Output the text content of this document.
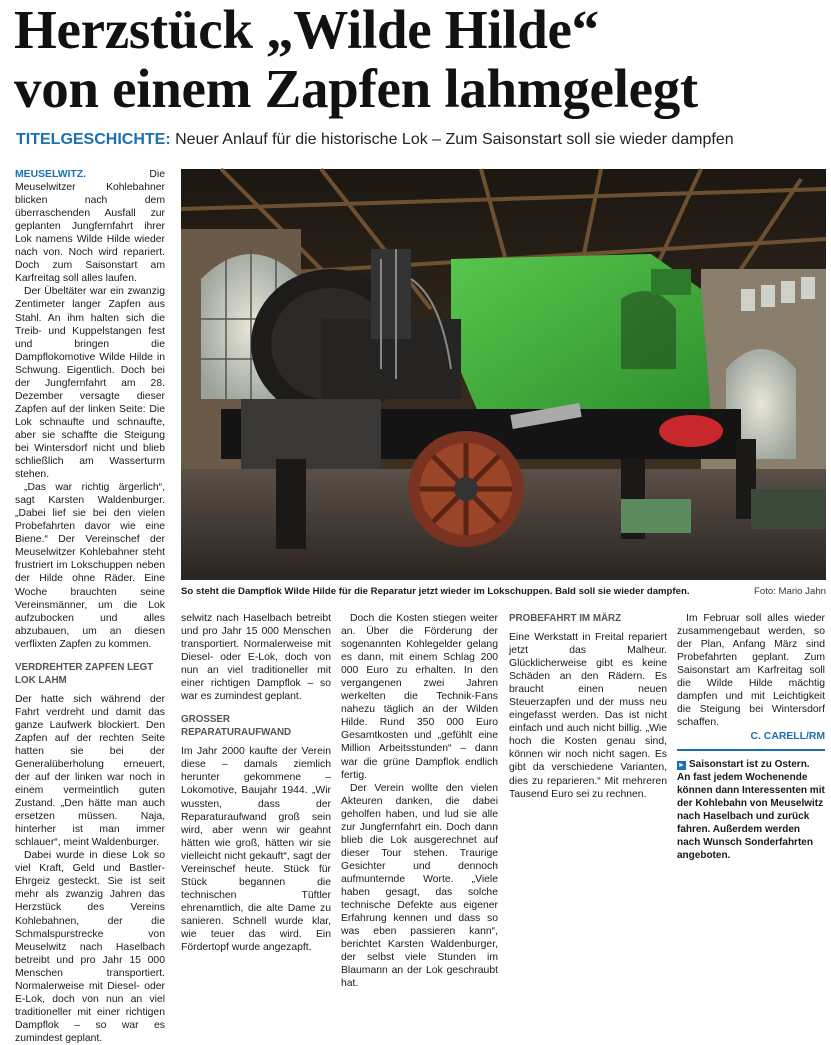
Herzstück „Wilde Hilde“
von einem Zapfen lahmgelegt
TITELGESCHICHTE: Neuer Anlauf für die historische Lok – Zum Saisonstart soll sie wieder dampfen

MEUSELWITZ.	Die Meuselwitzer Kohlebahner blicken nach dem überraschenden Ausfall zur geplanten Jungfernfahrt ihrer Lok namens Wilde Hilde wieder nach von. Noch wird repariert. Doch zum Saisonstart am Karfreitag soll alles laufen.

Der Übeltäter war ein zwanzig Zentimeter langer Zapfen aus Stahl. An ihm halten sich die Treib- und Kuppelstangen fest und bringen die Dampflokomotive Wilde Hilde in Schwung. Eigentlich. Doch bei der Jungfernfahrt am 28. Dezember versagte dieser Zapfen auf der linken Seite: Die Lok schnaufte und schnaufte, aber sie schaffte die Steigung bei Wintersdorf nicht und blieb schließlich am Wasserturm stehen.

„Das war richtig ärgerlich“, sagt Karsten Waldenburger. „Dabei lief sie bei den vielen Probefahrten davor wie eine Biene.“ Der Vereinschef der Meuselwitzer Kohlebahner steht frustriert im Lokschuppen neben der Hilde ohne Räder. Eine Woche brauchten seine Vereinsmänner, um die Lok aufzubocken und alles abzubauen, um an diesen verflixten Zapfen zu kommen.

VERDREHTER ZAPFEN LEGT LOK LAHM

Der hatte sich während der Fahrt verdreht und damit das ganze Laufwerk blockiert. Den Zapfen auf der rechten Seite hatten sie bei der Generalüberholung erneuert, der auf der linken war noch in einem vermeintlich guten Zustand. „Den hätte man auch ersetzen müssen. Naja, hinterher ist man immer schlauer“, meint Waldenburger.

Dabei wurde in diese Lok so viel Kraft, Geld und Bastler-Ehrgeiz gesteckt. Sie ist seit mehr als zwanzig Jahren das Herzstück des Vereins Kohlebahnen, der die Schmalspurstrecke von Meuselwitz nach Haselbach betreibt und pro Jahr 15 000 Menschen transportiert. Normalerweise mit Diesel- oder E-Lok, doch von nun an viel traditioneller mit einer richtigen Dampflok – so war es zumindest geplant.

So steht die Dampflok Wilde Hilde für die Reparatur jetzt wieder im Lokschuppen. Bald soll sie wieder dampfen.	Foto: Mario Jahn

selwitz nach Haselbach betreibt und pro Jahr 15 000 Menschen transportiert. Normalerweise mit Diesel- oder E-Lok, doch von nun an viel traditioneller mit einer richtigen Dampflok – so war es zumindest geplant.

GROSSER REPARATURAUFWAND

Im Jahr 2000 kaufte der Verein diese – damals ziemlich herunter gekommene – Lokomotive, Baujahr 1944. „Wir wussten, dass der Reparaturaufwand groß sein wird, aber wenn wir geahnt hätten wie groß, hätten wir sie vielleicht nicht gekauft“, sagt der Vereinschef heute. Stück für Stück begannen die technischen Tüftler ehrenamtlich, die alte Dame zu sanieren. Schnell wurde klar, wie teuer das wird. Ein Fördertopf wurde angezapft.

Doch die Kosten stiegen weiter an. Über die Förderung der sogenannten Kohlegelder gelang es dann, mit einem Schlag 200 000 Euro zu erhalten. In den vergangenen zwei Jahren werkelten die Technik-Fans nahezu täglich an der Wilden Hilde. Rund 350 000 Euro Gesamtkosten und „gefühlt eine Million Arbeitsstunden“ – dann war die grüne Dampflok endlich fertig.

Der Verein wollte den vielen Akteuren danken, die dabei geholfen haben, und lud sie alle zur Jungfernfahrt ein. Doch dann blieb die Lok ausgerechnet auf dieser Tour stehen. Traurige Gesichter und dennoch aufmunternde Worte. „Viele haben gesagt, das solche technische Defekte aus eigener Erfahrung kennen und dass so was eben passieren kann“, berichtet Karsten Waldenburger, der selbst viele Stunden im Blaumann an der Lok geschraubt hat.

PROBEFAHRT IM MÄRZ

Eine Werkstatt in Freital repariert jetzt das Malheur. Glücklicherweise gibt es keine Schäden an den Rädern. Es braucht einen neuen Steuerzapfen und der muss neu eingefasst werden. Das ist nicht einfach und auch nicht billig. „Wie hoch die Kosten genau sind, können wir noch nicht sagen. Es gibt da verschiedene Varianten, dies zu reparieren.“ Mit mehreren Tausend Euro sei zu rechnen.

Im Februar soll alles wieder zusammengebaut werden, so der Plan, Anfang März sind Probefahrten geplant. Zum Saisonstart am Karfreitag soll die Wilde Hilde mächtig dampfen und mit Leichtigkeit die Steigung bei Wintersdorf schaffen.

C. CARELL/RM
► Saisonstart ist zu Ostern. An fast jedem Wochenende können dann Interessenten mit der Kohlebahn von Meuselwitz nach Haselbach und zurück fahren. Außerdem werden nach Wunsch Sonderfahrten angeboten.
